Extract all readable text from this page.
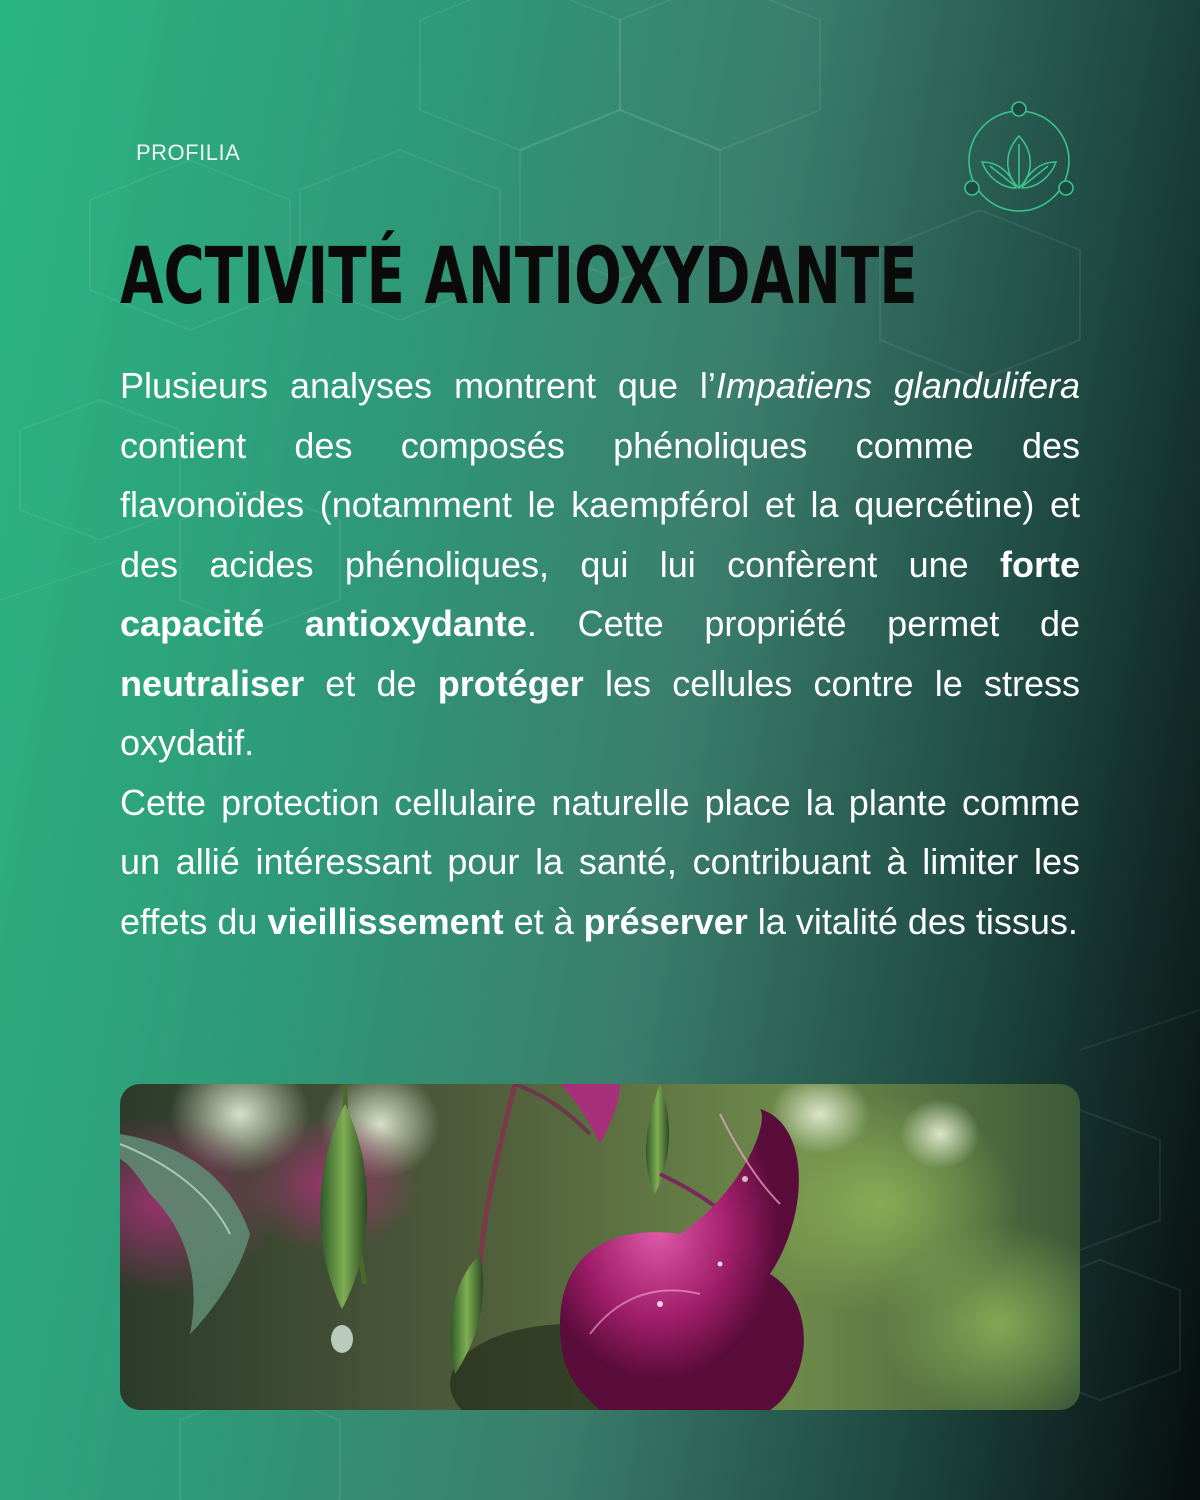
PROFILIA
ACTIVITÉ ANTIOXYDANTE

Plusieurs analyses montrent que l’Impatiens glandulifera contient des composés phénoliques comme des flavonoïdes (notamment le kaempférol et la quercétine) et des acides phénoliques, qui lui confèrent une forte capacité antioxydante. Cette propriété permet de neutraliser et de protéger les cellules contre le stress oxydatif.

Cette protection cellulaire naturelle place la plante comme un allié intéressant pour la santé, contribuant à limiter les effets du vieillissement et à préserver la vitalité des tissus.
